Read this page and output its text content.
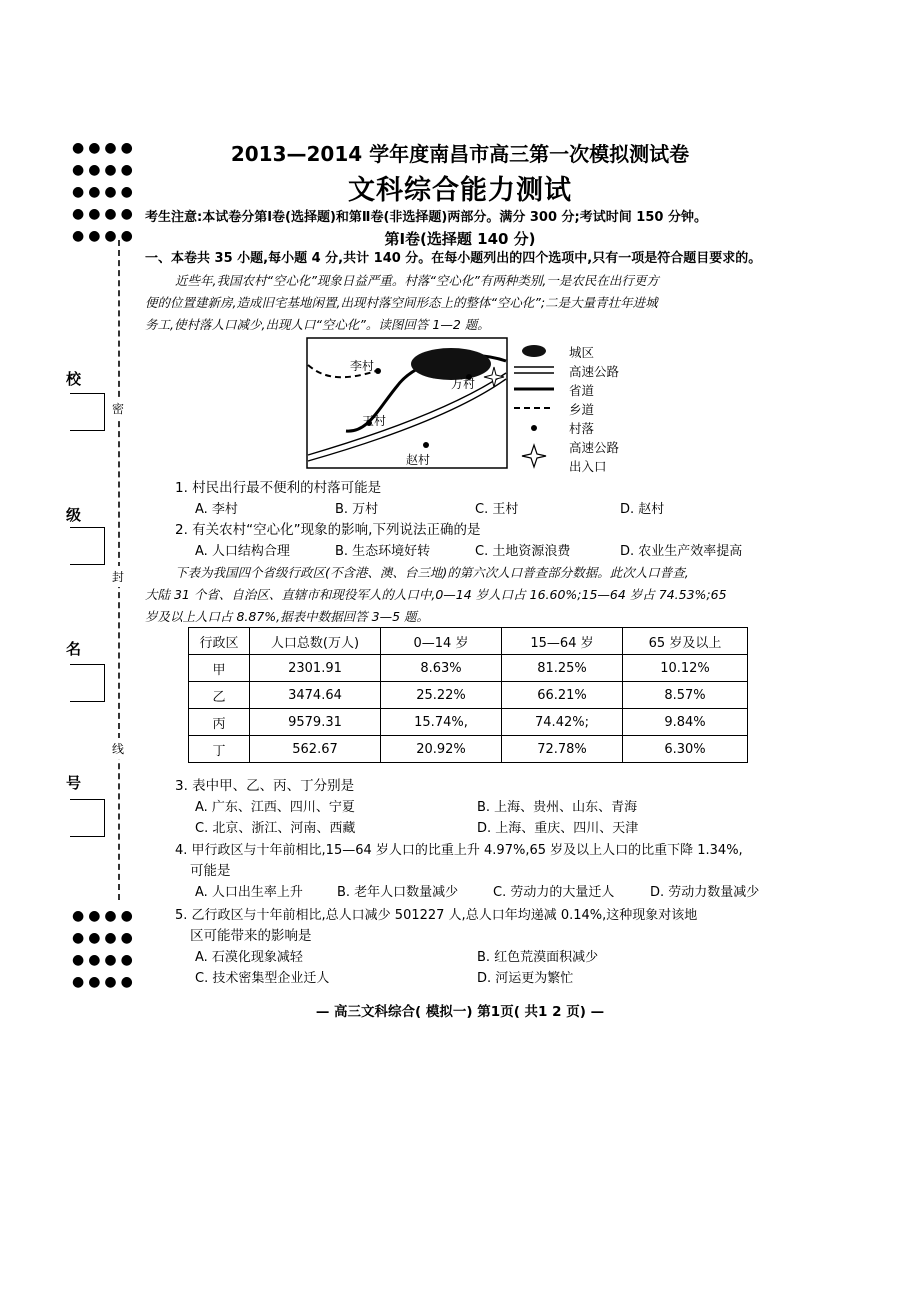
●●●●
●●●●
●●●●
●●●●
●●●●
●●●●
●●●●
●●●●
●●●●
密
封
线
校
级
名
号
2013—2014 学年度南昌市高三第一次模拟测试卷
文科综合能力测试
考生注意:本试卷分第Ⅰ卷(选择题)和第Ⅱ卷(非选择题)两部分。满分 300 分;考试时间 150 分钟。
第Ⅰ卷(选择题 140 分)
一、本卷共 35 小题,每小题 4 分,共计 140 分。在每小题列出的四个选项中,只有一项是符合题目要求的。
近些年,我国农村“空心化”现象日益严重。村落“空心化”有两种类别,一是农民在出行更方
便的位置建新房,造成旧宅基地闲置,出现村落空间形态上的整体“空心化”;二是大量青壮年进城
务工,使村落人口减少,出现人口“空心化”。读图回答 1—2 题。
李村
万村
王村
赵村
城区
高速公路
省道
乡道
村落
高速公路
出入口
1. 村民出行最不便利的村落可能是
A. 李村	B. 万村	C. 王村	D. 赵村
2. 有关农村“空心化”现象的影响,下列说法正确的是
A. 人口结构合理	B. 生态环境好转	C. 土地资源浪费	D. 农业生产效率提高
下表为我国四个省级行政区(不含港、澳、台三地)的第六次人口普查部分数据。此次人口普查,
大陆 31 个省、自治区、直辖市和现役军人的人口中,0—14 岁人口占 16.60%;15—64 岁占 74.53%;65
岁及以上人口占 8.87%,据表中数据回答 3—5 题。
行政区	人口总数(万人)	0—14 岁	15—64 岁	65 岁及以上
甲	2301.91	8.63%	81.25%	10.12%
乙	3474.64	25.22%	66.21%	8.57%
丙	9579.31	15.74%,	74.42%;	9.84%
丁	562.67	20.92%	72.78%	6.30%
3. 表中甲、乙、丙、丁分别是
A. 广东、江西、四川、宁夏	B. 上海、贵州、山东、青海
C. 北京、浙江、河南、西藏	D. 上海、重庆、四川、天津
4. 甲行政区与十年前相比,15—64 岁人口的比重上升 4.97%,65 岁及以上人口的比重下降 1.34%,
可能是
A. 人口出生率上升	B. 老年人口数量减少	C. 劳动力的大量迁人	D. 劳动力数量减少
5. 乙行政区与十年前相比,总人口减少 501227 人,总人口年均递减 0.14%,这种现象对该地
区可能带来的影响是
A. 石漠化现象减轻	B. 红色荒漠面积减少
C. 技术密集型企业迁人	D. 河运更为繁忙
— 高三文科综合( 模拟一) 第1页( 共1 2 页) —
